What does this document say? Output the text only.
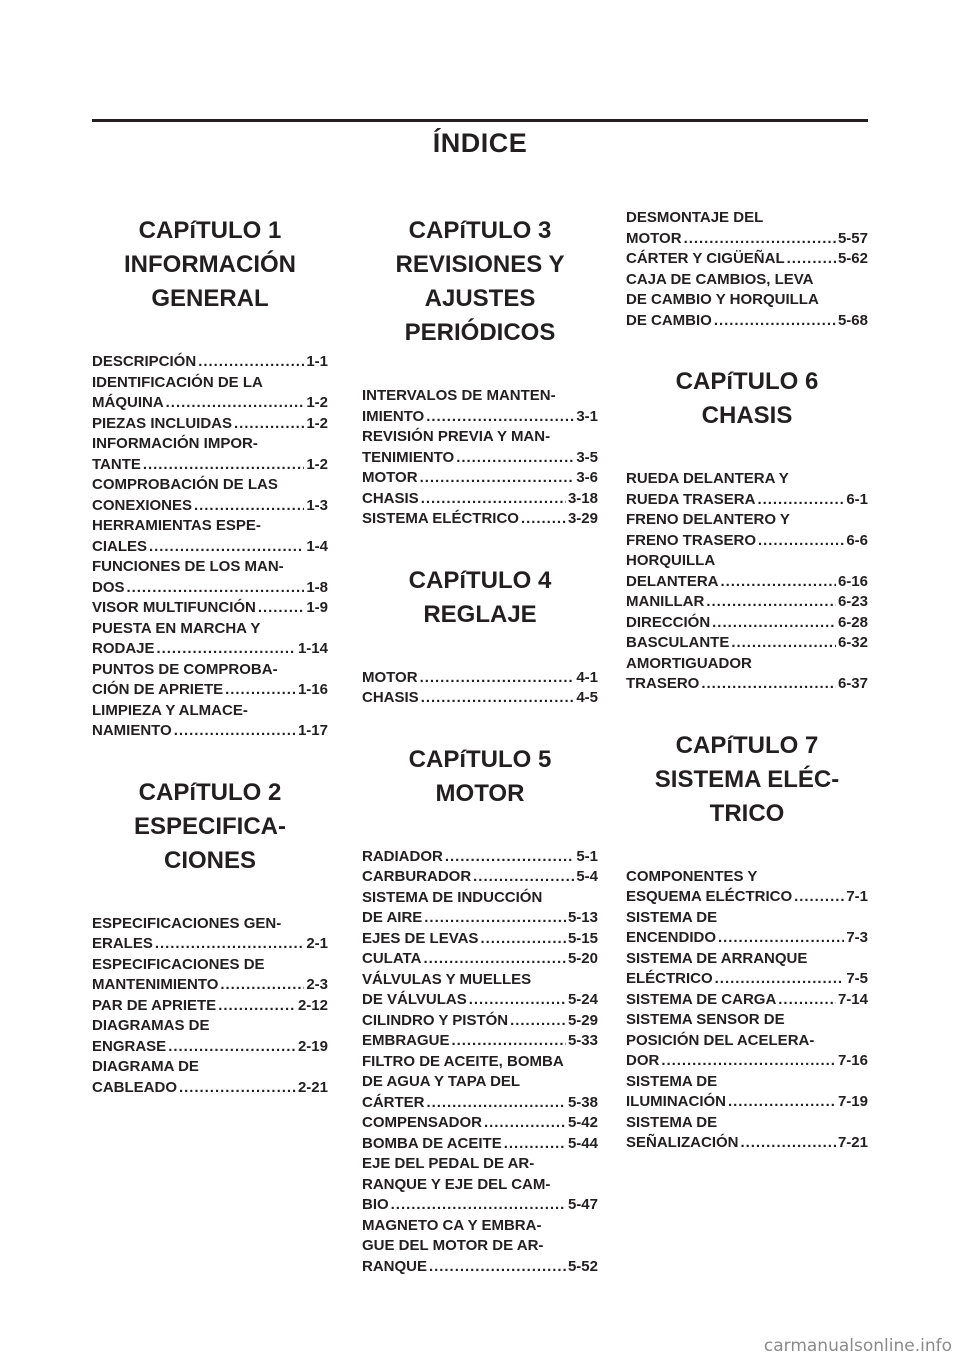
ÍNDICE
CAPíTULO 1
INFORMACIÓN
GENERAL
DESCRIPCIÓN . . .	1-1
IDENTIFICACIÓN DE LA
MÁQUINA . . .	1-2
PIEZAS INCLUIDAS . . .	1-2
INFORMACIÓN IMPOR-
TANTE . . .	1-2
COMPROBACIÓN DE LAS
CONEXIONES . . .	1-3
HERRAMIENTAS ESPE-
CIALES . . .	1-4
FUNCIONES DE LOS MAN-
DOS . . .	1-8
VISOR MULTIFUNCIÓN . . .	1-9
PUESTA EN MARCHA Y
RODAJE . . .	1-14
PUNTOS DE COMPROBA-
CIÓN DE APRIETE . . .	1-16
LIMPIEZA Y ALMACE-
NAMIENTO . . .	1-17
CAPíTULO 2
ESPECIFICA-
CIONES
ESPECIFICACIONES GEN-
ERALES . . .	2-1
ESPECIFICACIONES DE
MANTENIMIENTO . . .	2-3
PAR DE APRIETE . . .	2-12
DIAGRAMAS DE
ENGRASE . . .	2-19
DIAGRAMA DE
CABLEADO . . .	2-21
CAPíTULO 3
REVISIONES Y
AJUSTES
PERIÓDICOS
INTERVALOS DE MANTEN-
IMIENTO . . .	3-1
REVISIÓN PREVIA Y MAN-
TENIMIENTO . . .	3-5
MOTOR . . .	3-6
CHASIS . . .	3-18
SISTEMA ELÉCTRICO . . .	3-29
CAPíTULO 4
REGLAJE
MOTOR . . .	4-1
CHASIS . . .	4-5
CAPíTULO 5
MOTOR
RADIADOR . . .	5-1
CARBURADOR . . .	5-4
SISTEMA DE INDUCCIÓN
DE AIRE . . .	5-13
EJES DE LEVAS . . .	5-15
CULATA . . .	5-20
VÁLVULAS Y MUELLES
DE VÁLVULAS . . .	5-24
CILINDRO Y PISTÓN . . .	5-29
EMBRAGUE . . .	5-33
FILTRO DE ACEITE, BOMBA
DE AGUA Y TAPA DEL
CÁRTER . . .	5-38
COMPENSADOR . . .	5-42
BOMBA DE ACEITE . . .	5-44
EJE DEL PEDAL DE AR-
RANQUE Y EJE DEL CAM-
BIO . . .	5-47
MAGNETO CA Y EMBRA-
GUE DEL MOTOR DE AR-
RANQUE . . .	5-52
DESMONTAJE DEL
MOTOR . . .	5-57
CÁRTER Y CIGÜEÑAL . . .	5-62
CAJA DE CAMBIOS, LEVA
DE CAMBIO Y HORQUILLA
DE CAMBIO . . .	5-68
CAPíTULO 6
CHASIS
RUEDA DELANTERA Y
RUEDA TRASERA . . .	6-1
FRENO DELANTERO Y
FRENO TRASERO . . .	6-6
HORQUILLA
DELANTERA . . .	6-16
MANILLAR . . .	6-23
DIRECCIÓN . . .	6-28
BASCULANTE . . .	6-32
AMORTIGUADOR
TRASERO . . .	6-37
CAPíTULO 7
SISTEMA ELÉC-
TRICO
COMPONENTES Y
ESQUEMA ELÉCTRICO . . .	7-1
SISTEMA DE
ENCENDIDO . . .	7-3
SISTEMA DE ARRANQUE
ELÉCTRICO . . .	7-5
SISTEMA DE CARGA . . .	7-14
SISTEMA SENSOR DE
POSICIÓN DEL ACELERA-
DOR . . .	7-16
SISTEMA DE
ILUMINACIÓN . . .	7-19
SISTEMA DE
SEÑALIZACIÓN . . .	7-21
carmanualsonline.info
